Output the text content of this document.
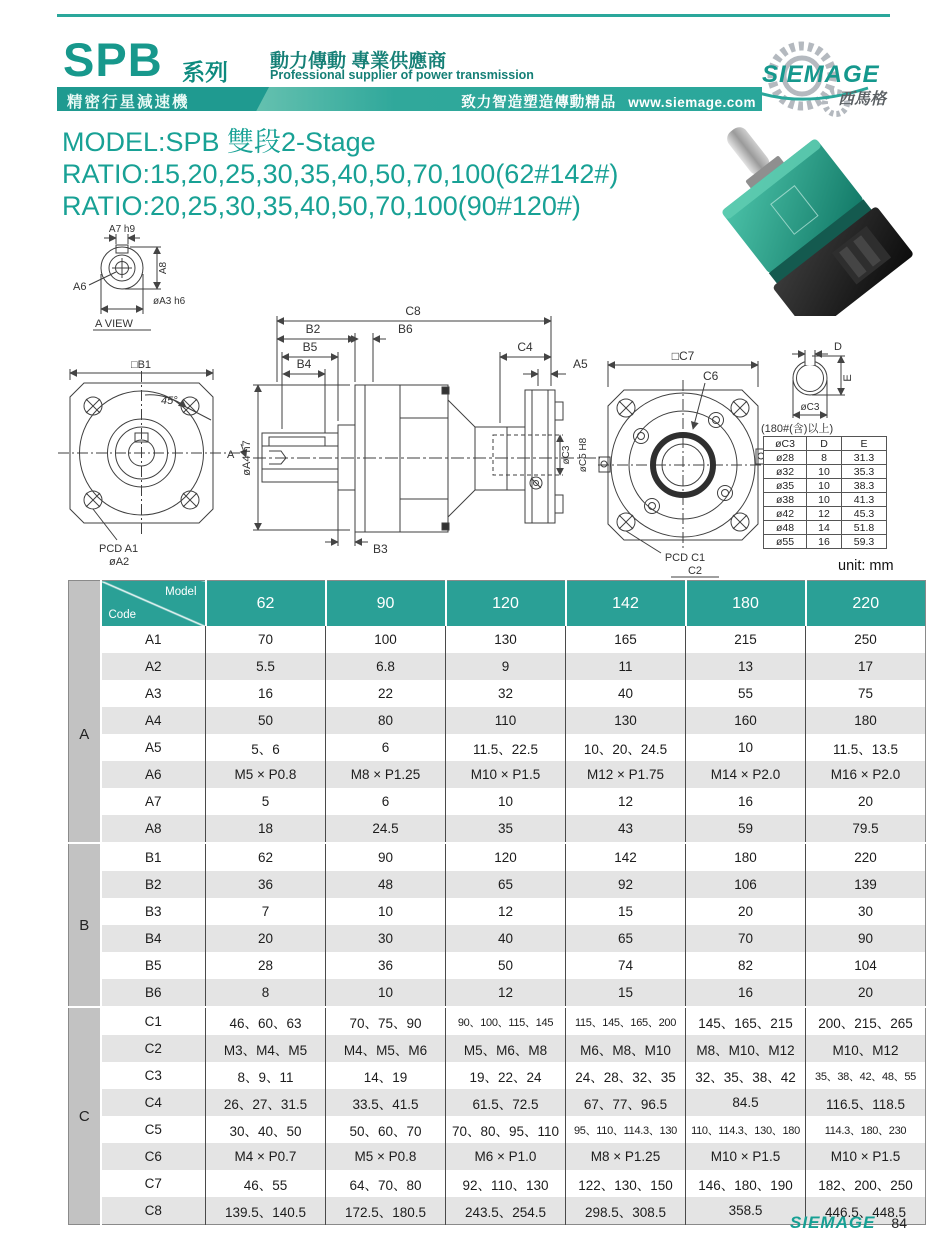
SPB 系列 動力傳動 專業供應商
Professional supplier of power transmission
精密行星減速機	致力智造塑造傳動精品 www.siemage.com
SIEMAGE
西馬格
MODEL:SPB 雙段2-Stage
RATIO:15,20,25,30,35,40,50,70,100(62#142#)
RATIO:20,25,30,35,40,50,70,100(90#120#)
A7 h9
A8
A6
øA3 h6
A VIEW
45°
□B1
A
PCD A1
øA2
øA4 h7
C8
B2	B6
B5
B4
C4
A5
B3
øC3 øC5 H8
□C7
C6
PCD C1
C2
D
E
øC3
(180#(含)以上)
øC3	D	E
ø28	8	31.3
ø32	10	35.3
ø35	10	38.3
ø38	10	41.3
ø42	12	45.3
ø48	14	51.8
ø55	16	59.3
unit: mm

	Model
Code	62	90	120	142	180	220
A	A1	70	100	130	165	215	250
	A2	5.5	6.8	9	11	13	17
	A3	16	22	32	40	55	75
	A4	50	80	110	130	160	180
	A5	5、6	6	11.5、22.5	10、20、24.5	10	11.5、13.5
	A6	M5 × P0.8	M8 × P1.25	M10 × P1.5	M12 × P1.75	M14 × P2.0	M16 × P2.0
	A7	5	6	10	12	16	20
	A8	18	24.5	35	43	59	79.5
B	B1	62	90	120	142	180	220
	B2	36	48	65	92	106	139
	B3	7	10	12	15	20	30
	B4	20	30	40	65	70	90
	B5	28	36	50	74	82	104
	B6	8	10	12	15	16	20
C	C1	46、60、63	70、75、90	90、100、115、145	115、145、165、200	145、165、215	200、215、265
	C2	M3、M4、M5	M4、M5、M6	M5、M6、M8	M6、M8、M10	M8、M10、M12	M10、M12
	C3	8、9、11	14、19	19、22、24	24、28、32、35	32、35、38、42	35、38、42、48、55
	C4	26、27、31.5	33.5、41.5	61.5、72.5	67、77、96.5	84.5	116.5、118.5
	C5	30、40、50	50、60、70	70、80、95、110	95、110、114.3、130	110、114.3、130、180	114.3、180、230
	C6	M4 × P0.7	M5 × P0.8	M6 × P1.0	M8 × P1.25	M10 × P1.5	M10 × P1.5
	C7	46、55	64、70、80	92、110、130	122、130、150	146、180、190	182、200、250
	C8	139.5、140.5	172.5、180.5	243.5、254.5	298.5、308.5	358.5	446.5、448.5
SIEMAGE 84
